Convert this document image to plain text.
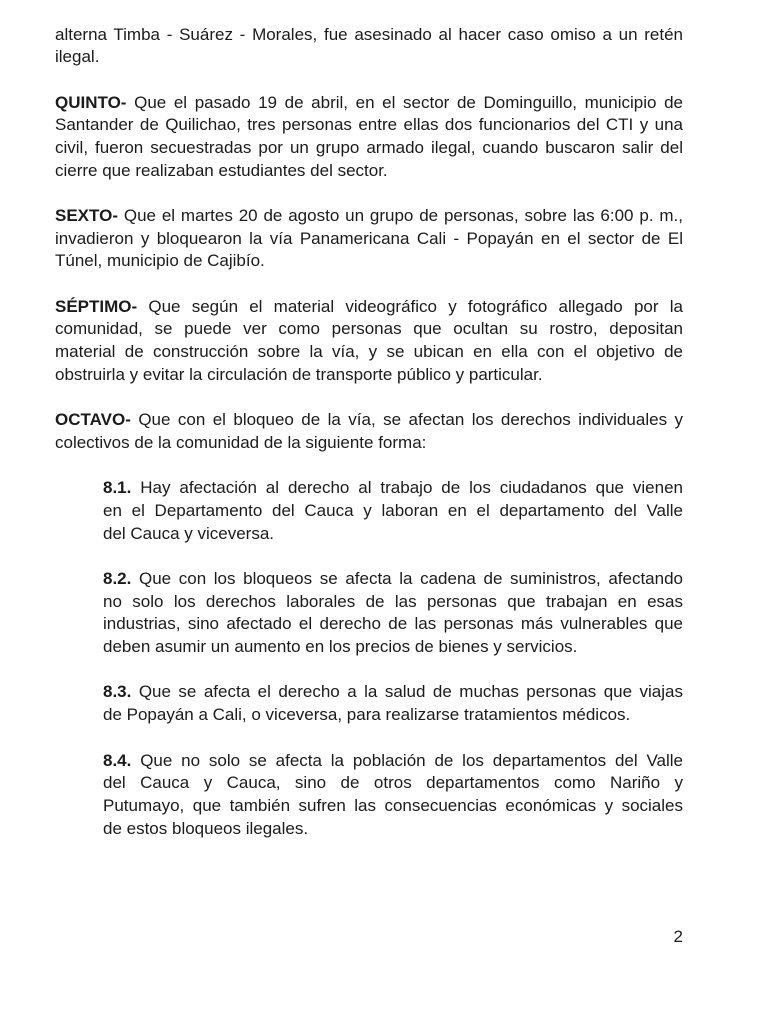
alterna Timba - Suárez - Morales, fue asesinado al hacer caso omiso a un retén
ilegal.
QUINTO- Que el pasado 19 de abril, en el sector de Dominguillo, municipio de
Santander de Quilichao, tres personas entre ellas dos funcionarios del CTI y una
civil, fueron secuestradas por un grupo armado ilegal, cuando buscaron salir del
cierre que realizaban estudiantes del sector.
SEXTO- Que el martes 20 de agosto un grupo de personas, sobre las 6:00 p. m.,
invadieron y bloquearon la vía Panamericana Cali - Popayán en el sector de El
Túnel, municipio de Cajibío.
SÉPTIMO- Que según el material videográfico y fotográfico allegado por la
comunidad, se puede ver como personas que ocultan su rostro, depositan
material de construcción sobre la vía, y se ubican en ella con el objetivo de
obstruirla y evitar la circulación de transporte público y particular.
OCTAVO- Que con el bloqueo de la vía, se afectan los derechos individuales y
colectivos de la comunidad de la siguiente forma:
8.1. Hay afectación al derecho al trabajo de los ciudadanos que vienen
en el Departamento del Cauca y laboran en el departamento del Valle
del Cauca y viceversa.
8.2. Que con los bloqueos se afecta la cadena de suministros, afectando
no solo los derechos laborales de las personas que trabajan en esas
industrias, sino afectado el derecho de las personas más vulnerables que
deben asumir un aumento en los precios de bienes y servicios.
8.3. Que se afecta el derecho a la salud de muchas personas que viajas
de Popayán a Cali, o viceversa, para realizarse tratamientos médicos.
8.4. Que no solo se afecta la población de los departamentos del Valle
del Cauca y Cauca, sino de otros departamentos como Nariño y
Putumayo, que también sufren las consecuencias económicas y sociales
de estos bloqueos ilegales.
2
